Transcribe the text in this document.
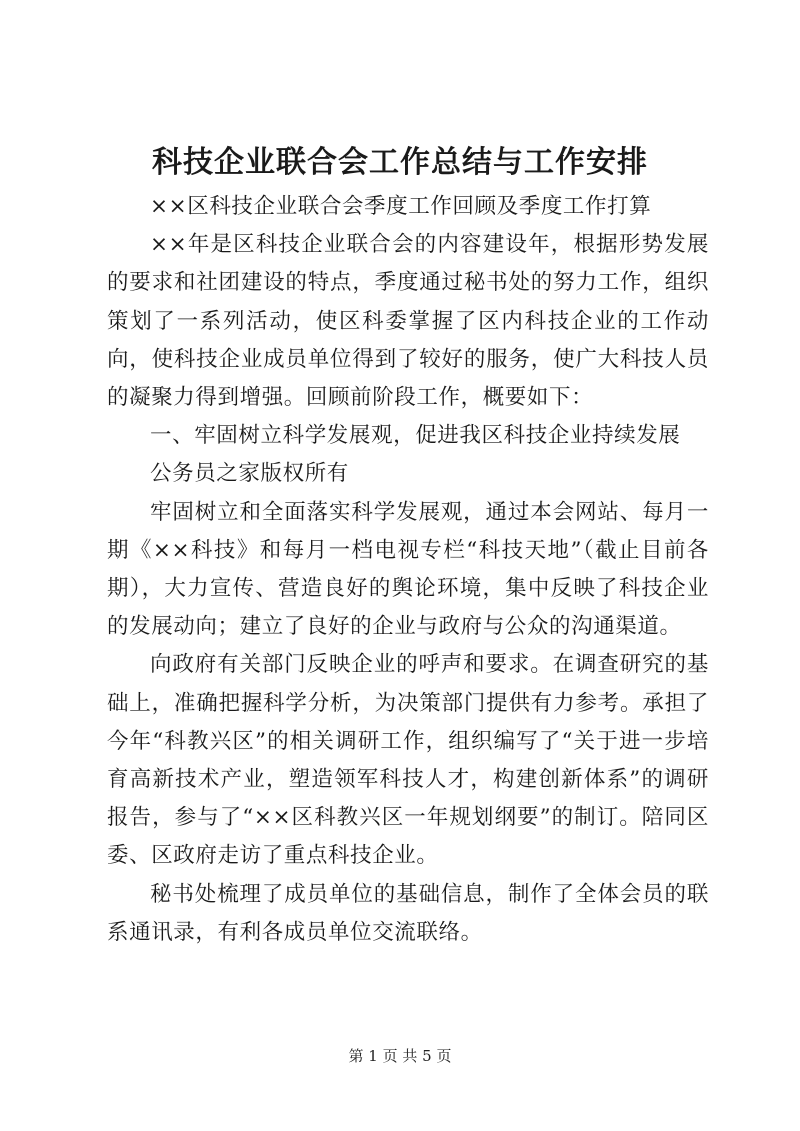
科技企业联合会工作总结与工作安排

××区科技企业联合会季度工作回顾及季度工作打算

××年是区科技企业联合会的内容建设年，根据形势发展的要求和社团建设的特点，季度通过秘书处的努力工作，组织策划了一系列活动，使区科委掌握了区内科技企业的工作动向，使科技企业成员单位得到了较好的服务，使广大科技人员的凝聚力得到增强。回顾前阶段工作，概要如下：

一、牢固树立科学发展观，促进我区科技企业持续发展

公务员之家版权所有

牢固树立和全面落实科学发展观，通过本会网站、每月一期《××科技》和每月一档电视专栏“科技天地”（截止目前各期），大力宣传、营造良好的舆论环境，集中反映了科技企业的发展动向；建立了良好的企业与政府与公众的沟通渠道。

向政府有关部门反映企业的呼声和要求。在调查研究的基础上，准确把握科学分析，为决策部门提供有力参考。承担了今年“科教兴区”的相关调研工作，组织编写了“关于进一步培育高新技术产业，塑造领军科技人才，构建创新体系”的调研报告，参与了“××区科教兴区一年规划纲要”的制订。陪同区委、区政府走访了重点科技企业。

秘书处梳理了成员单位的基础信息，制作了全体会员的联系通讯录，有利各成员单位交流联络。

第 1 页 共 5 页
